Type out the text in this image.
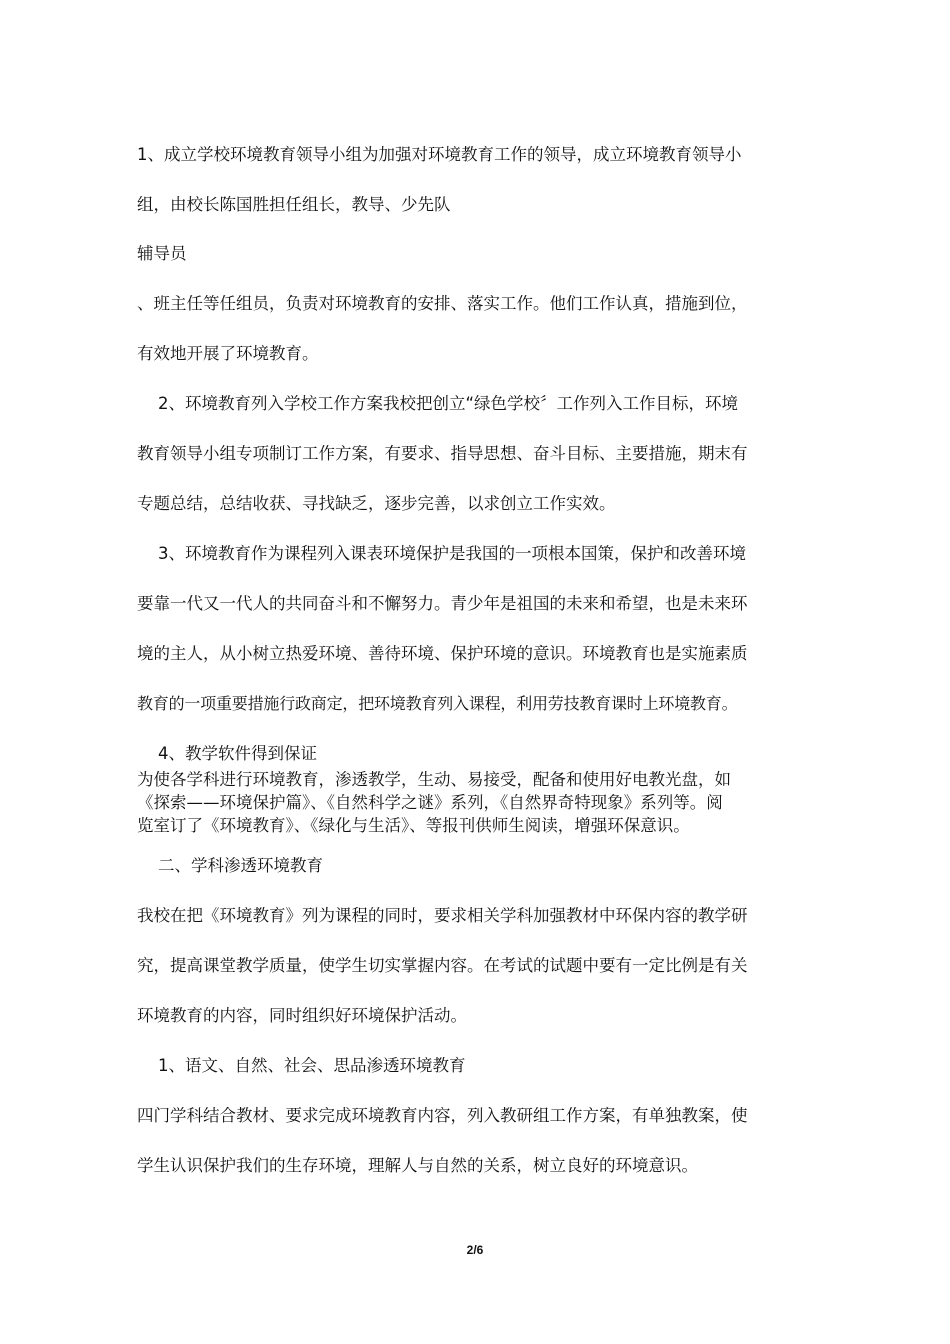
1、成立学校环境教育领导小组为加强对环境教育工作的领导，成立环境教育领导小

组，由校长陈国胜担任组长，教导、少先队

辅导员

、班主任等任组员，负责对环境教育的安排、落实工作。他们工作认真，措施到位，

有效地开展了环境教育。

2、环境教育列入学校工作方案我校把创立“绿色学校〞工作列入工作目标，环境

教育领导小组专项制订工作方案，有要求、指导思想、奋斗目标、主要措施，期末有

专题总结，总结收获、寻找缺乏，逐步完善，以求创立工作实效。

3、环境教育作为课程列入课表环境保护是我国的一项根本国策，保护和改善环境

要靠一代又一代人的共同奋斗和不懈努力。青少年是祖国的未来和希望，也是未来环

境的主人，从小树立热爱环境、善待环境、保护环境的意识。环境教育也是实施素质

教育的一项重要措施行政商定，把环境教育列入课程，利用劳技教育课时上环境教育。

4、教学软件得到保证

为使各学科进行环境教育，渗透教学，生动、易接受，配备和使用好电教光盘，如

《探索——环境保护篇》、《自然科学之谜》系列，《自然界奇特现象》系列等。阅

览室订了《环境教育》、《绿化与生活》、等报刊供师生阅读，增强环保意识。

二、学科渗透环境教育

我校在把《环境教育》列为课程的同时，要求相关学科加强教材中环保内容的教学研

究，提高课堂教学质量，使学生切实掌握内容。在考试的试题中要有一定比例是有关

环境教育的内容，同时组织好环境保护活动。

1、语文、自然、社会、思品渗透环境教育

四门学科结合教材、要求完成环境教育内容，列入教研组工作方案，有单独教案，使

学生认识保护我们的生存环境，理解人与自然的关系，树立良好的环境意识。

2/6
